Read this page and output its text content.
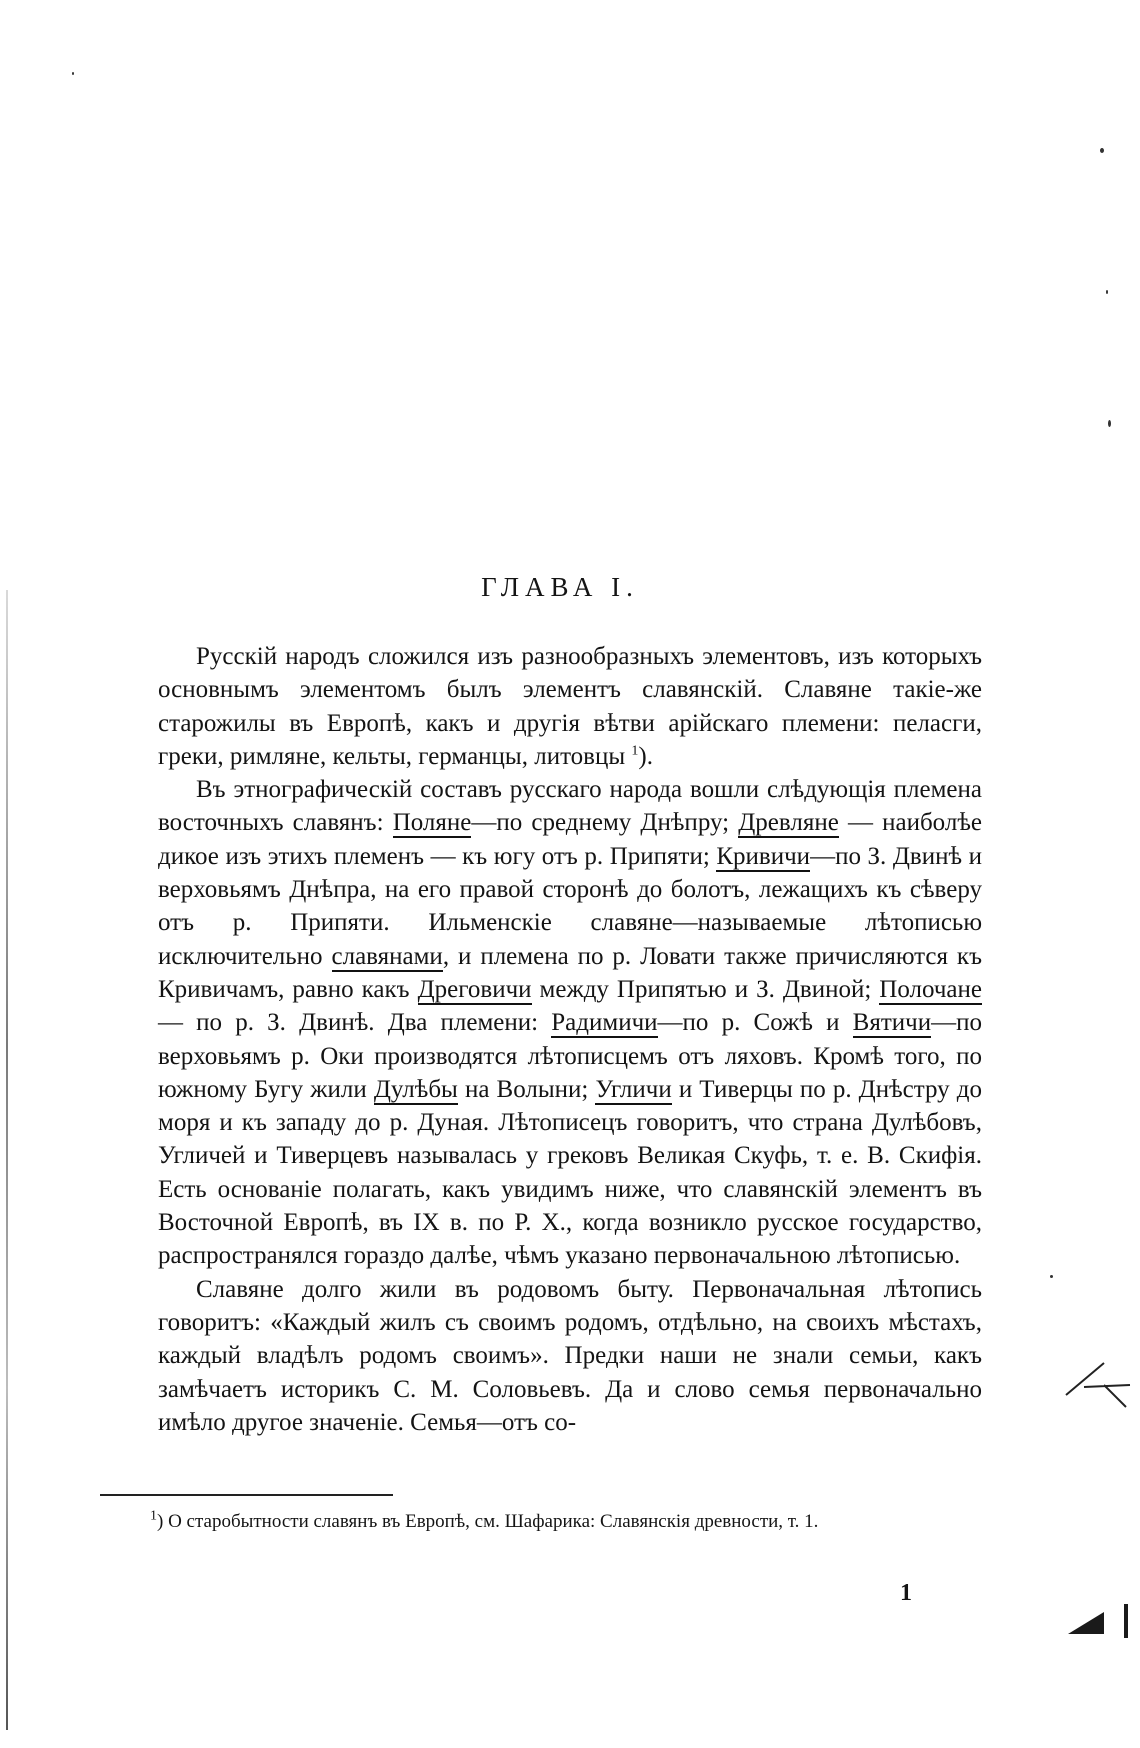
ГЛАВА I.

Русскій народъ сложился изъ разнообразныхъ элементовъ, изъ которыхъ основнымъ элементомъ былъ элементъ славянскій. Славяне такіе-же старожилы въ Европѣ, какъ и другія вѣтви арійскаго племени: пеласги, греки, римляне, кельты, германцы, литовцы $^1$).

Въ этнографическій составъ русскаго народа вошли слѣдующія племена восточныхъ славянъ: Поляне—по среднему Днѣпру; Древляне — наиболѣе дикое изъ этихъ племенъ — къ югу отъ р. Припяти; Кривичи—по З. Двинѣ и верховьямъ Днѣпра, на его правой сторонѣ до болотъ, лежащихъ къ сѣверу отъ р. Припяти. Ильменскіе славяне—называемые лѣтописью исключительно славянами, и племена по р. Ловати также причисляются къ Кривичамъ, равно какъ Дреговичи между Припятью и З. Двиной; Полочане — по р. З. Двинѣ. Два племени: Радимичи—по р. Сожѣ и Вятичи—по верховьямъ р. Оки производятся лѣтописцемъ отъ ляховъ. Кромѣ того, по южному Бугу жили Дулѣбы на Волыни; Угличи и Тиверцы по р. Днѣстру до моря и къ западу до р. Дуная. Лѣтописецъ говоритъ, что страна Дулѣбовъ, Угличей и Тиверцевъ называлась у грековъ Великая Скуфь, т. е. В. Скифія. Есть основаніе полагать, какъ увидимъ ниже, что славянскій элементъ въ Восточной Европѣ, въ IX в. по Р. Х., когда возникло русское государство, распространялся гораздо далѣе, чѣмъ указано первоначальною лѣтописью.

Славяне долго жили въ родовомъ быту. Первоначальная лѣтопись говоритъ: «Каждый жилъ съ своимъ родомъ, отдѣльно, на своихъ мѣстахъ, каждый владѣлъ родомъ своимъ». Предки наши не знали семьи, какъ замѣчаетъ историкъ С. М. Соловьевъ. Да и слово семья первоначально имѣло другое значеніе. Семья—отъ со-

$^1$) О старобытности славянъ въ Европѣ, см. Шафарика: Славянскія древности, т. 1.

1
